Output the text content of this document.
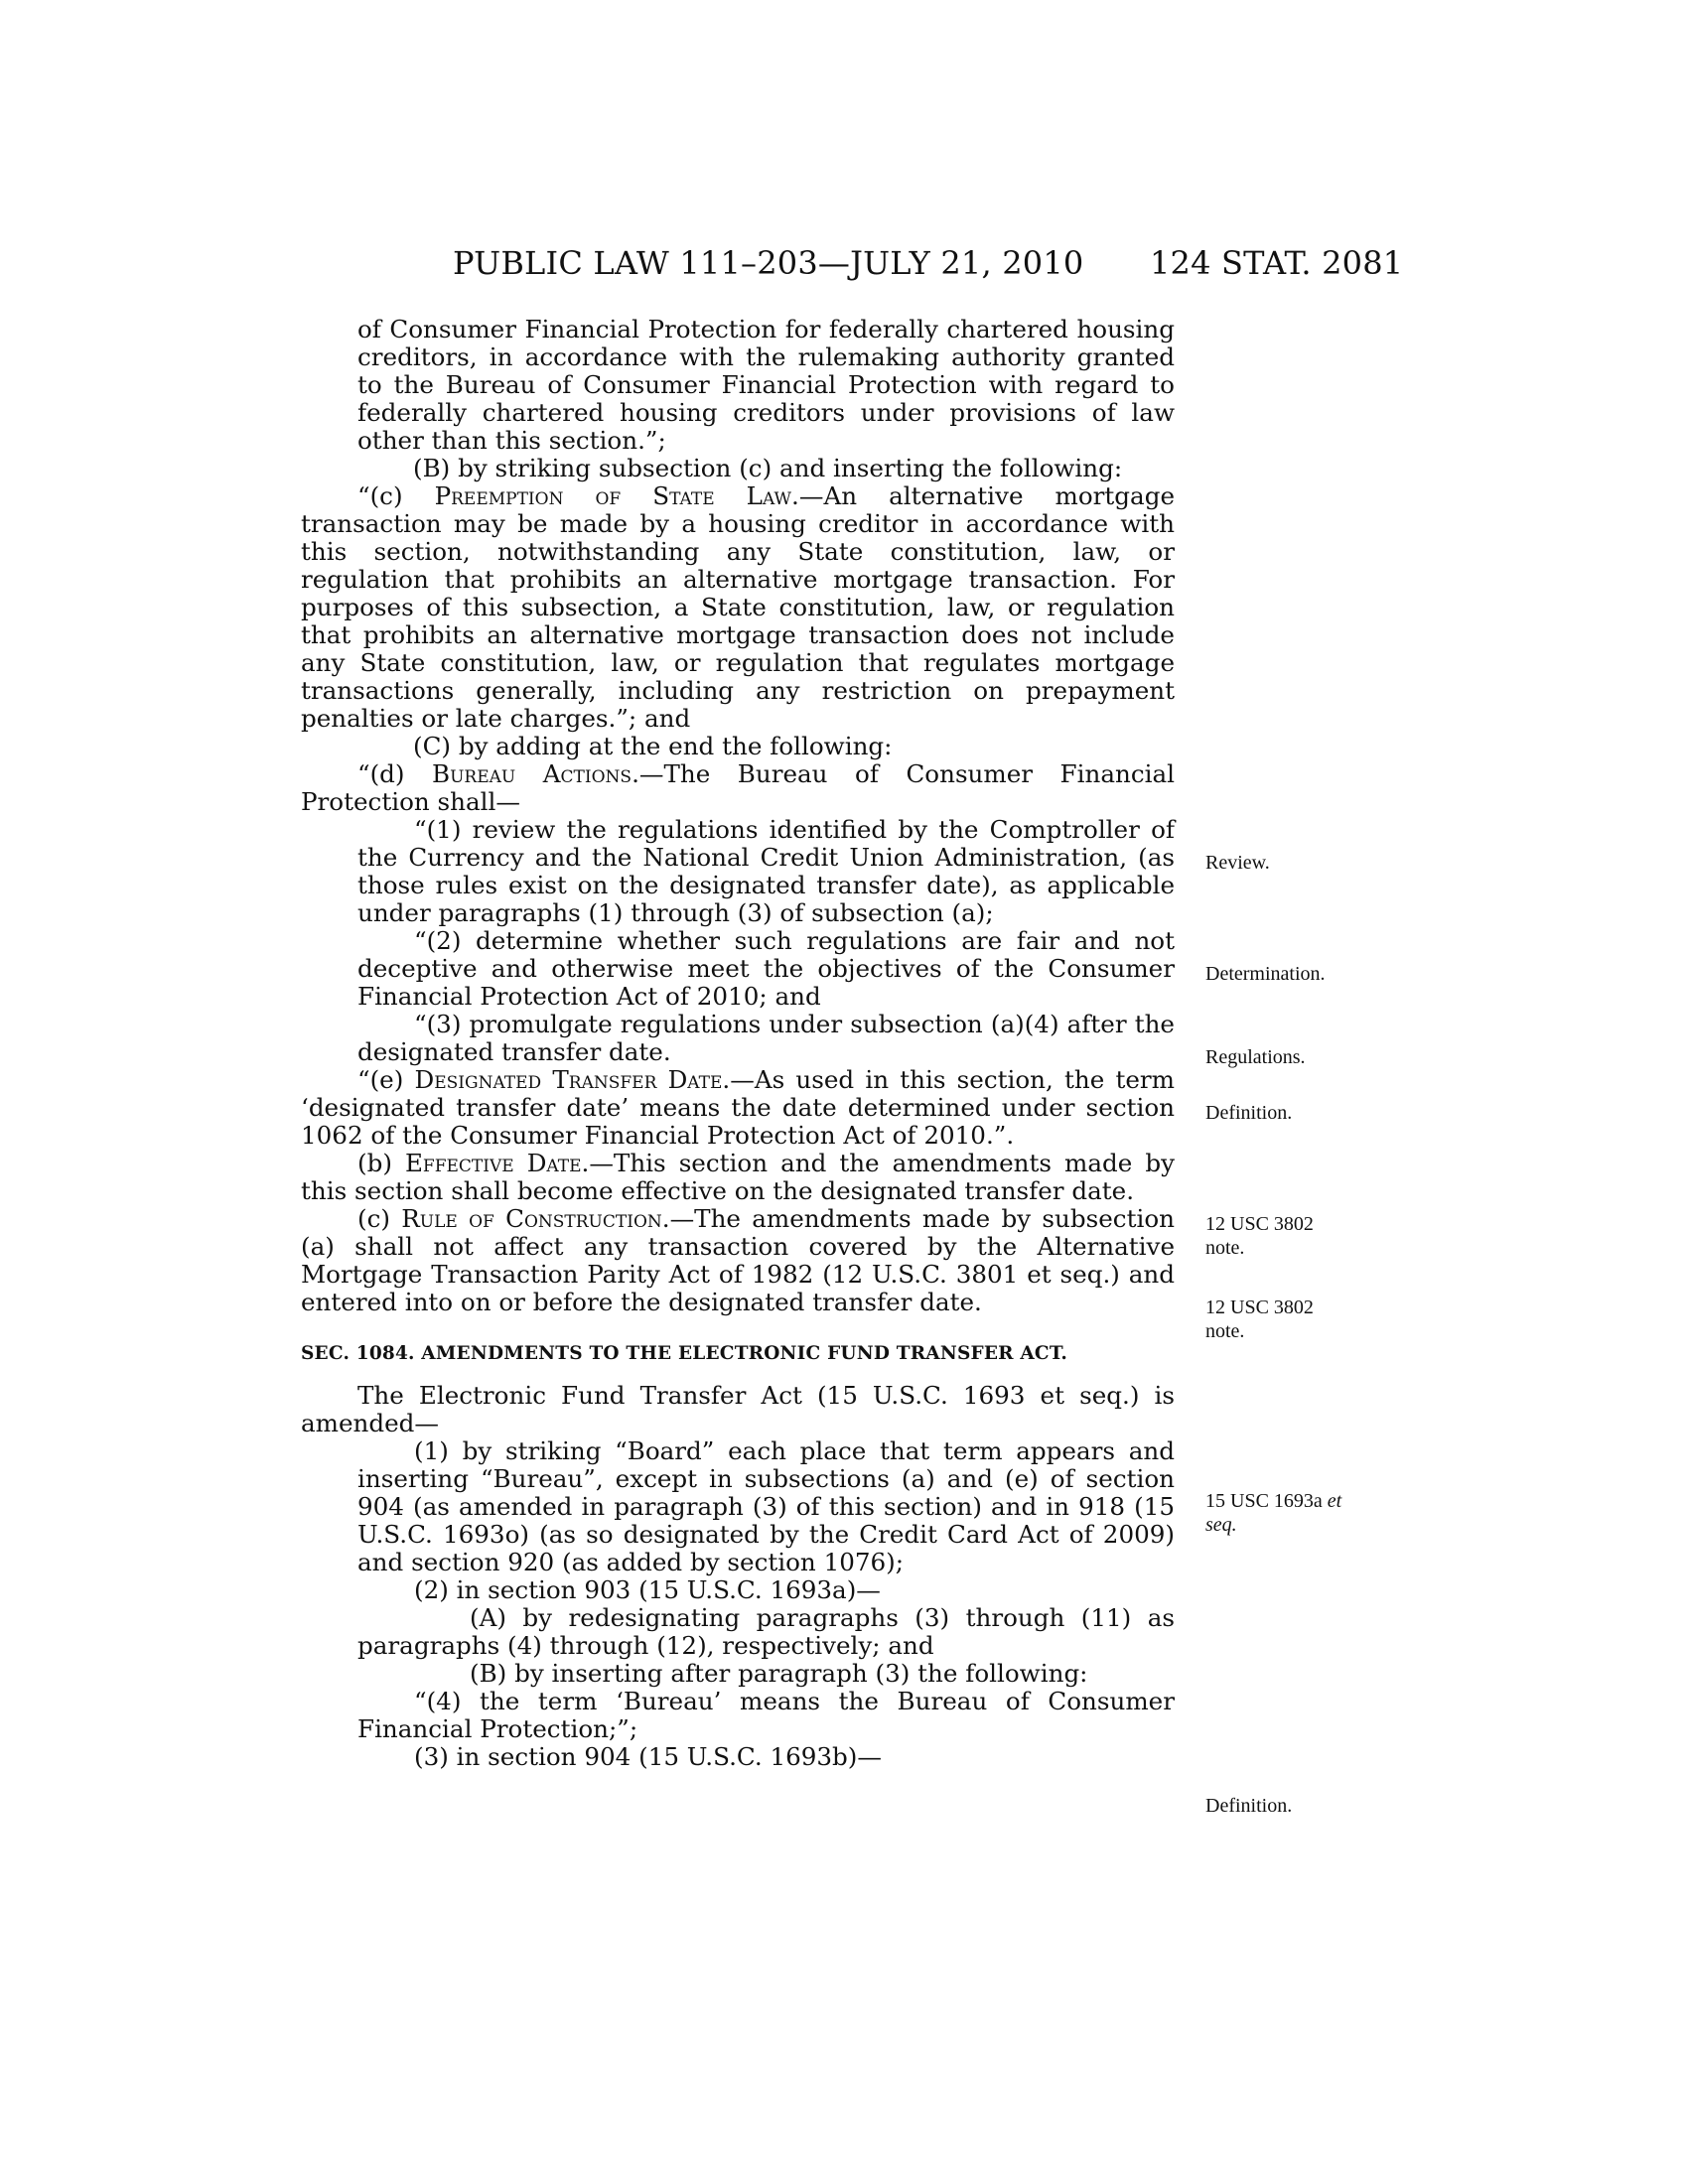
PUBLIC LAW 111–203—JULY 21, 2010 124 STAT. 2081

of Consumer Financial Protection for federally chartered housing creditors, in accordance with the rulemaking authority granted to the Bureau of Consumer Financial Protection with regard to federally chartered housing creditors under provisions of law other than this section.”;

(B) by striking subsection (c) and inserting the following:

“(c) Preemption of State Law.—An alternative mortgage transaction may be made by a housing creditor in accordance with this section, notwithstanding any State constitution, law, or regulation that prohibits an alternative mortgage transaction. For purposes of this subsection, a State constitution, law, or regulation that prohibits an alternative mortgage transaction does not include any State constitution, law, or regulation that regulates mortgage transactions generally, including any restriction on prepayment penalties or late charges.”; and

(C) by adding at the end the following:

“(d) Bureau Actions.—The Bureau of Consumer Financial Protection shall—

“(1) review the regulations identified by the Comptroller of the Currency and the National Credit Union Administration, (as those rules exist on the designated transfer date), as applicable under paragraphs (1) through (3) of subsection (a);

“(2) determine whether such regulations are fair and not deceptive and otherwise meet the objectives of the Consumer Financial Protection Act of 2010; and

“(3) promulgate regulations under subsection (a)(4) after the designated transfer date.

“(e) Designated Transfer Date.—As used in this section, the term ‘designated transfer date’ means the date determined under section 1062 of the Consumer Financial Protection Act of 2010.”.

(b) Effective Date.—This section and the amendments made by this section shall become effective on the designated transfer date.

(c) Rule of Construction.—The amendments made by subsection (a) shall not affect any transaction covered by the Alternative Mortgage Transaction Parity Act of 1982 (12 U.S.C. 3801 et seq.) and entered into on or before the designated transfer date.

SEC. 1084. AMENDMENTS TO THE ELECTRONIC FUND TRANSFER ACT.

The Electronic Fund Transfer Act (15 U.S.C. 1693 et seq.) is amended—

(1) by striking “Board” each place that term appears and inserting “Bureau”, except in subsections (a) and (e) of section 904 (as amended in paragraph (3) of this section) and in 918 (15 U.S.C. 1693o) (as so designated by the Credit Card Act of 2009) and section 920 (as added by section 1076);

(2) in section 903 (15 U.S.C. 1693a)—

(A) by redesignating paragraphs (3) through (11) as paragraphs (4) through (12), respectively; and

(B) by inserting after paragraph (3) the following:

“(4) the term ‘Bureau’ means the Bureau of Consumer Financial Protection;”;

(3) in section 904 (15 U.S.C. 1693b)—

Review.
Determination.
Regulations.
Definition.
12 USC 3802
note.
12 USC 3802
note.
15 USC 1693a et
seq.
Definition.
